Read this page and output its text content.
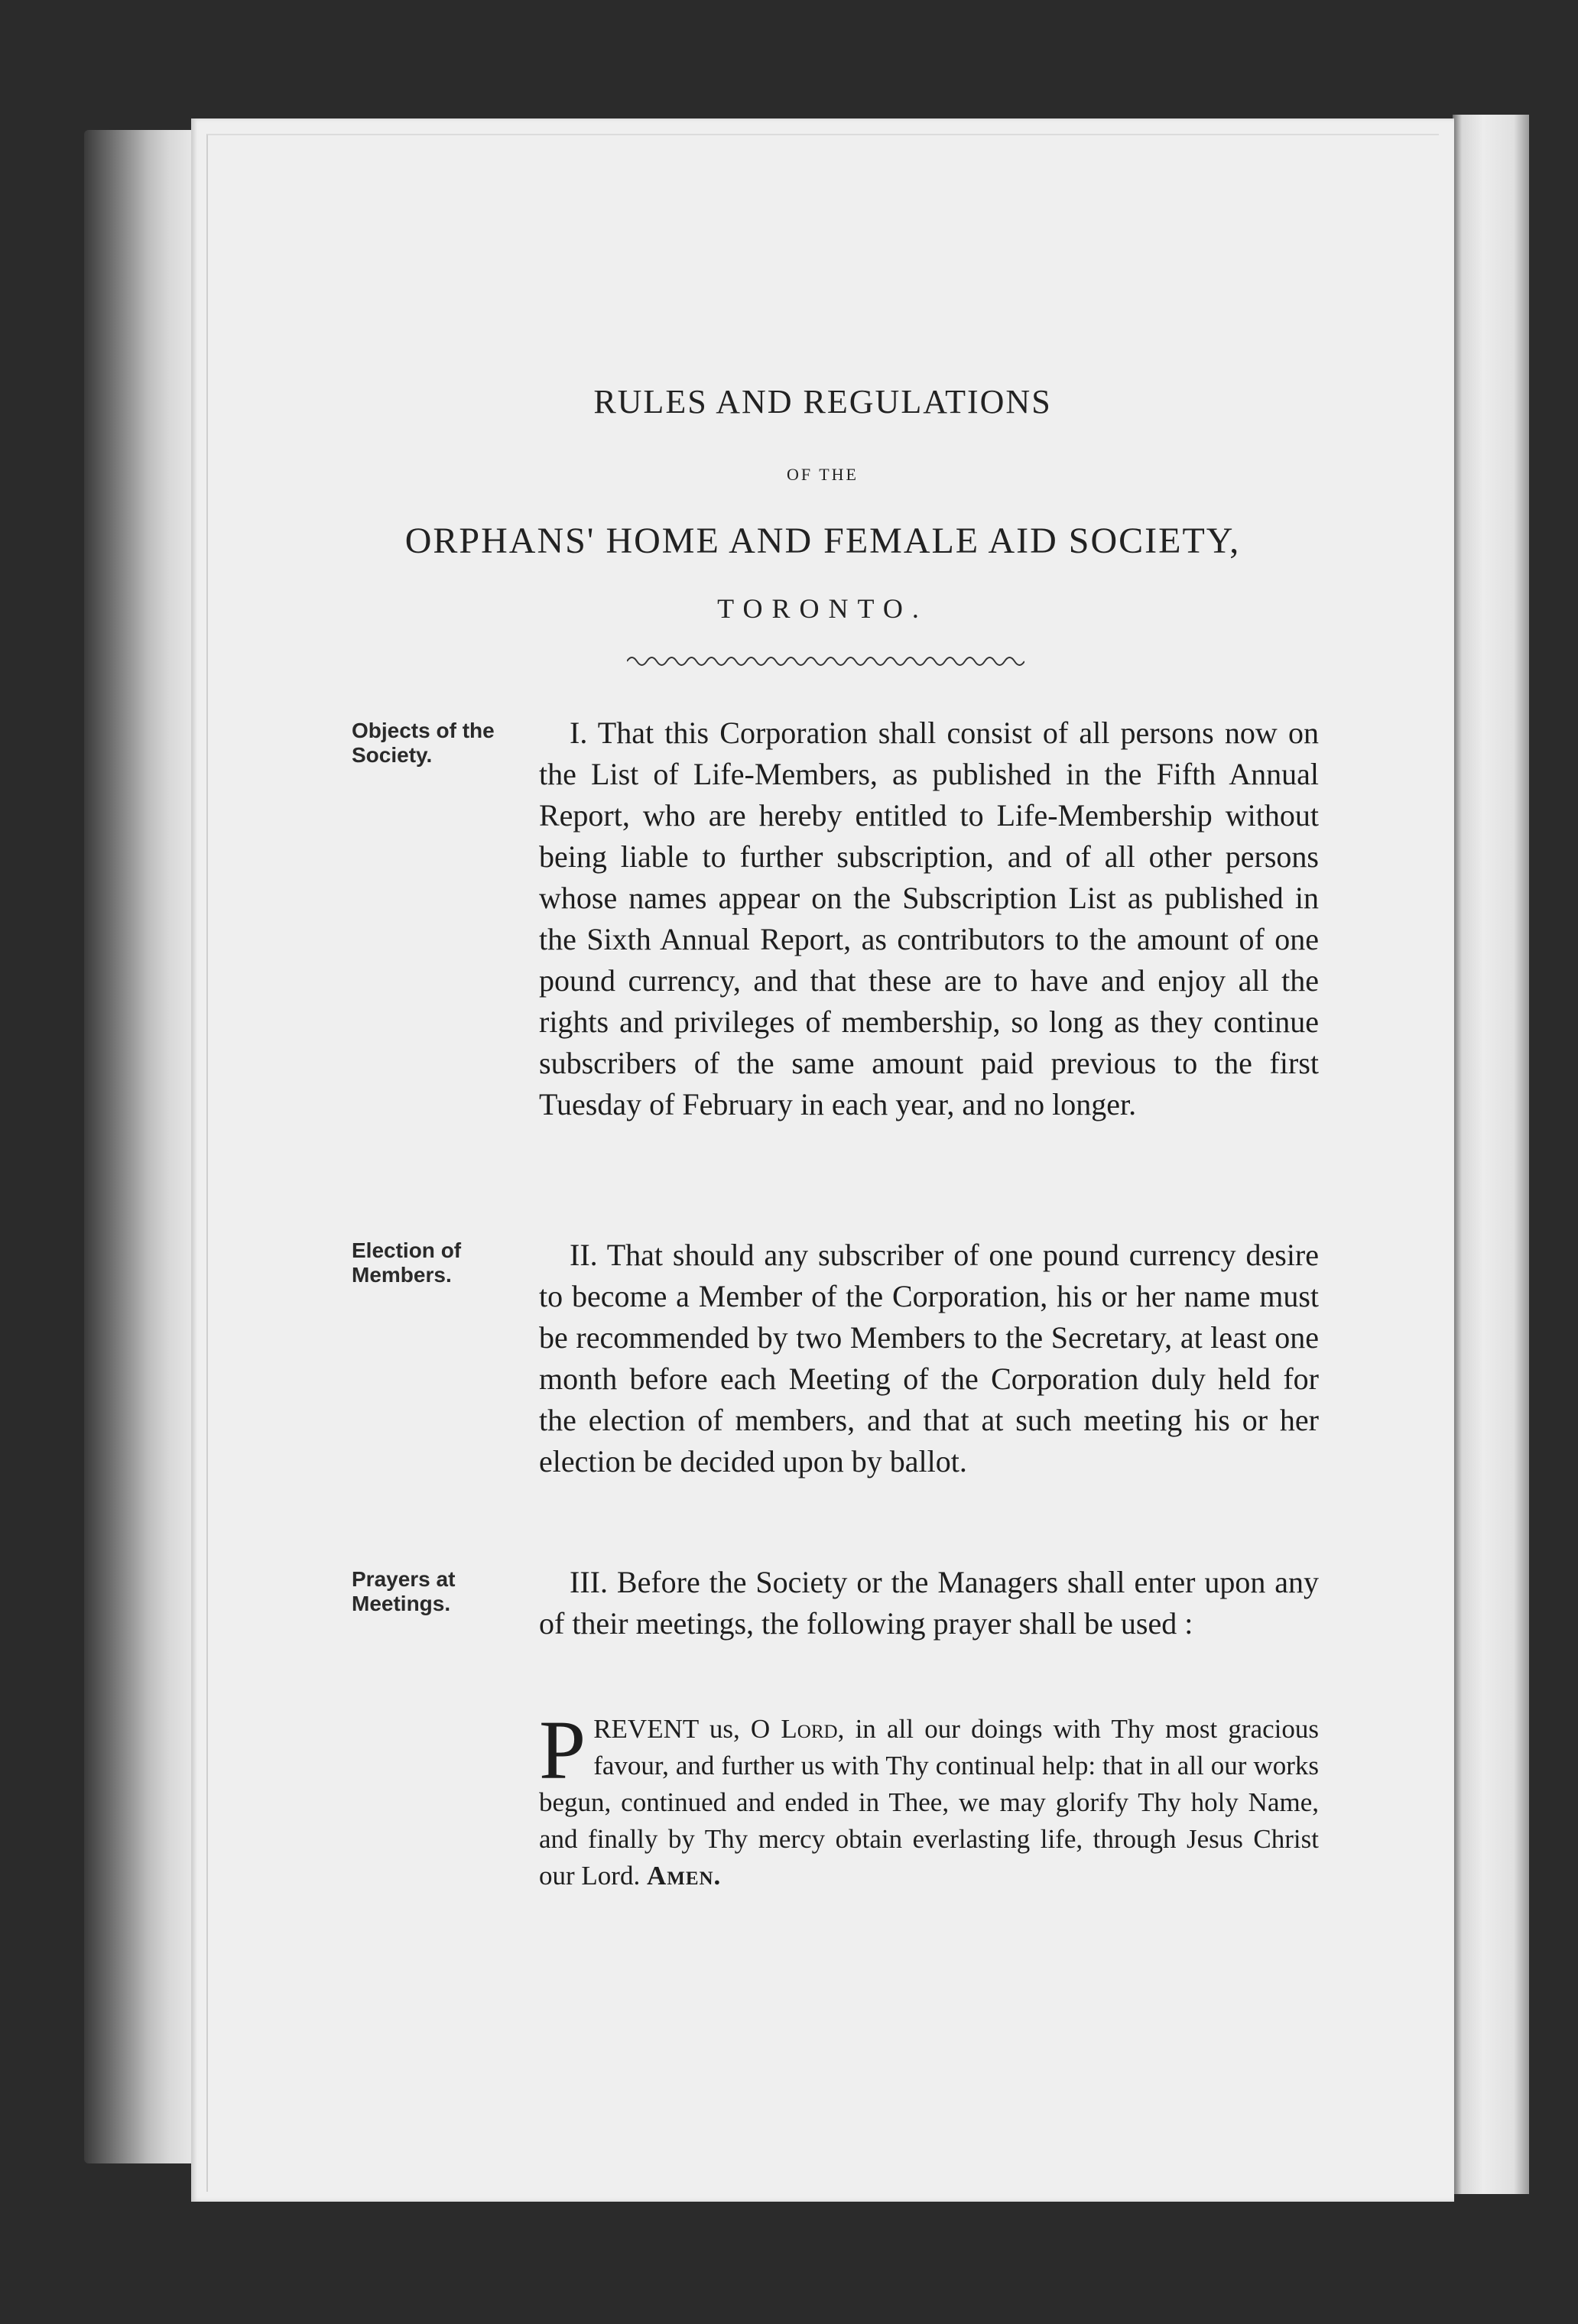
RULES AND REGULATIONS
OF THE
ORPHANS' HOME AND FEMALE AID SOCIETY,
TORONTO.
Objects of the Society.
I. That this Corporation shall consist of all persons now on the List of Life-Members, as published in the Fifth Annual Report, who are hereby entitled to Life-Membership without being liable to further subscription, and of all other persons whose names appear on the Subscription List as published in the Sixth Annual Report, as contributors to the amount of one pound currency, and that these are to have and enjoy all the rights and privileges of membership, so long as they continue subscribers of the same amount paid previous to the first Tuesday of February in each year, and no longer.
Election of Members.
II. That should any subscriber of one pound currency desire to become a Member of the Corporation, his or her name must be recommended by two Members to the Secretary, at least one month before each Meeting of the Corporation duly held for the election of members, and that at such meeting his or her election be decided upon by ballot.
Prayers at Meetings.
III. Before the Society or the Managers shall enter upon any of their meetings, the following prayer shall be used :
PREVENT us, O Lord, in all our doings with Thy most gracious favour, and further us with Thy continual help: that in all our works begun, continued and ended in Thee, we may glorify Thy holy Name, and finally by Thy mercy obtain everlasting life, through Jesus Christ our Lord. Amen.
